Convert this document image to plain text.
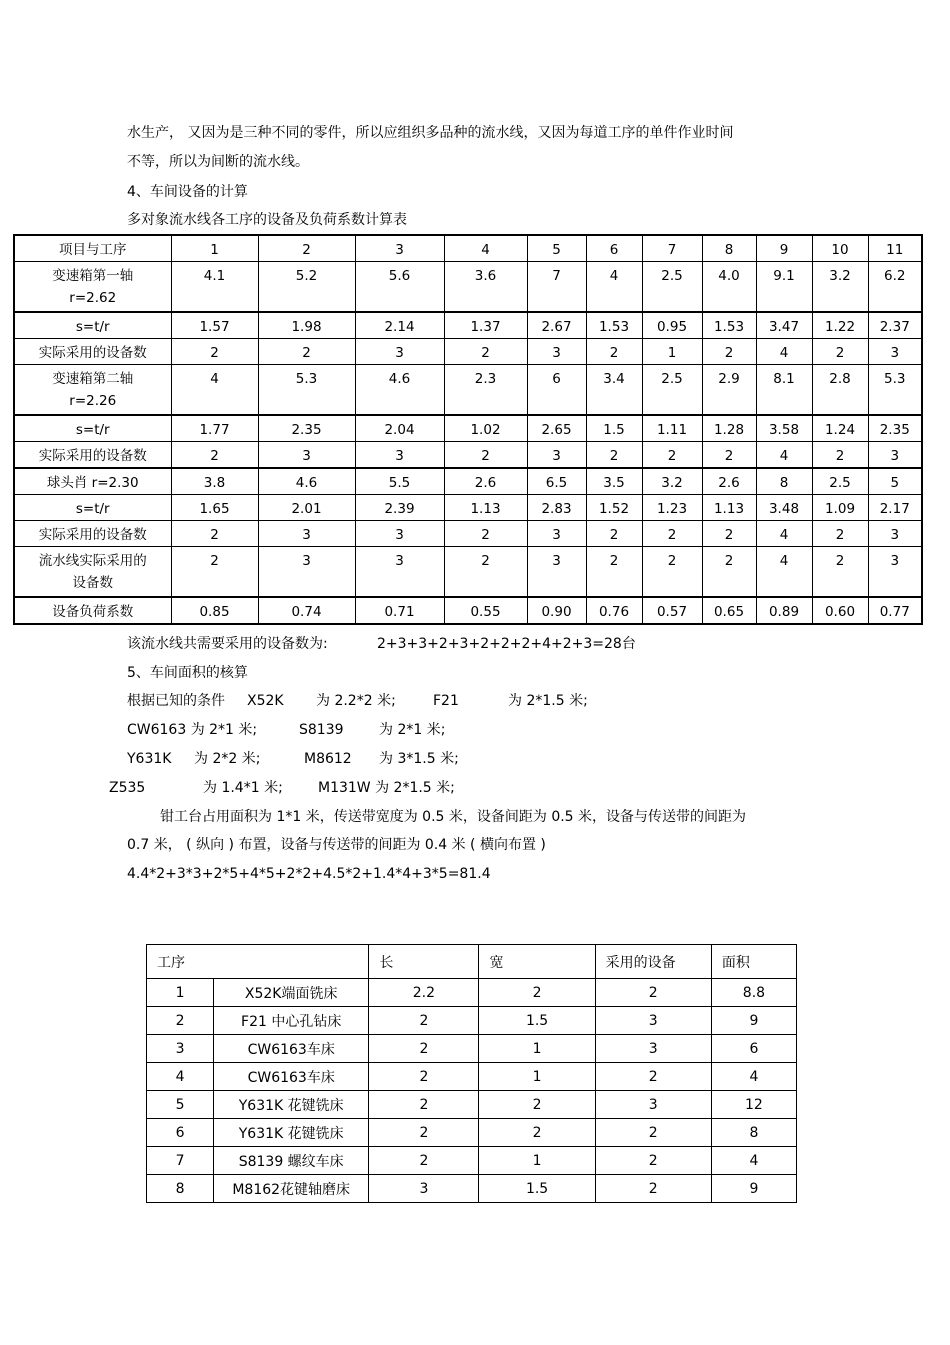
水生产， 又因为是三种不同的零件，所以应组织多品种的流水线，又因为每道工序的单件作业时间
不等，所以为间断的流水线。
4、车间设备的计算
多对象流水线各工序的设备及负荷系数计算表
项目与工序	1	2	3	4	5	6	7	8	9	10	11

变速箱第一轴
r=2.62	4.1	5.2	5.6	3.6	7	4	2.5	4.0	9.1	3.2	6.2

s=t/r	1.57	1.98	2.14	1.37	2.67	1.53	0.95	1.53	3.47	1.22	2.37

实际采用的设备数	2	2	3	2	3	2	1	2	4	2	3

变速箱第二轴
r=2.26	4	5.3	4.6	2.3	6	3.4	2.5	2.9	8.1	2.8	5.3

s=t/r	1.77	2.35	2.04	1.02	2.65	1.5	1.11	1.28	3.58	1.24	2.35

实际采用的设备数	2	3	3	2	3	2	2	2	4	2	3

球头肖 r=2.30	3.8	4.6	5.5	2.6	6.5	3.5	3.2	2.6	8	2.5	5

s=t/r	1.65	2.01	2.39	1.13	2.83	1.52	1.23	1.13	3.48	1.09	2.17

实际采用的设备数	2	3	3	2	3	2	2	2	4	2	3

流水线实际采用的
设备数	2	3	3	2	3	2	2	2	4	2	3

设备负荷系数	0.85	0.74	0.71	0.55	0.90	0.76	0.57	0.65	0.89	0.60	0.77
该流水线共需要采用的设备数为:	2+3+3+2+3+2+2+2+4+2+3=28台
5、车间面积的核算
根据已知的条件 X52K 为 2.2*2 米;	F21	为 2*1.5 米;
CW6163 为 2*1 米;	S8139	为 2*1 米;
Y631K 为 2*2 米;	M8612 为 3*1.5 米;
Z535	为 1.4*1 米;	M131W 为 2*1.5 米;
钳工台占用面积为 1*1 米，传送带宽度为 0.5 米，设备间距为 0.5 米，设备与传送带的间距为
0.7 米， ( 纵向 ) 布置，设备与传送带的间距为 0.4 米 ( 横向布置 )
4.4*2+3*3+2*5+4*5+2*2+4.5*2+1.4*4+3*5=81.4
工序		长	宽	采用的设备	面积
1	X52K端面铣床	2.2	2	2	8.8
2	F21 中心孔钻床	2	1.5	3	9
3	CW6163车床	2	1	3	6
4	CW6163车床	2	1	2	4
5	Y631K 花键铣床	2	2	3	12
6	Y631K 花键铣床	2	2	2	8
7	S8139 螺纹车床	2	1	2	4
8	M8162花键轴磨床	3	1.5	2	9
